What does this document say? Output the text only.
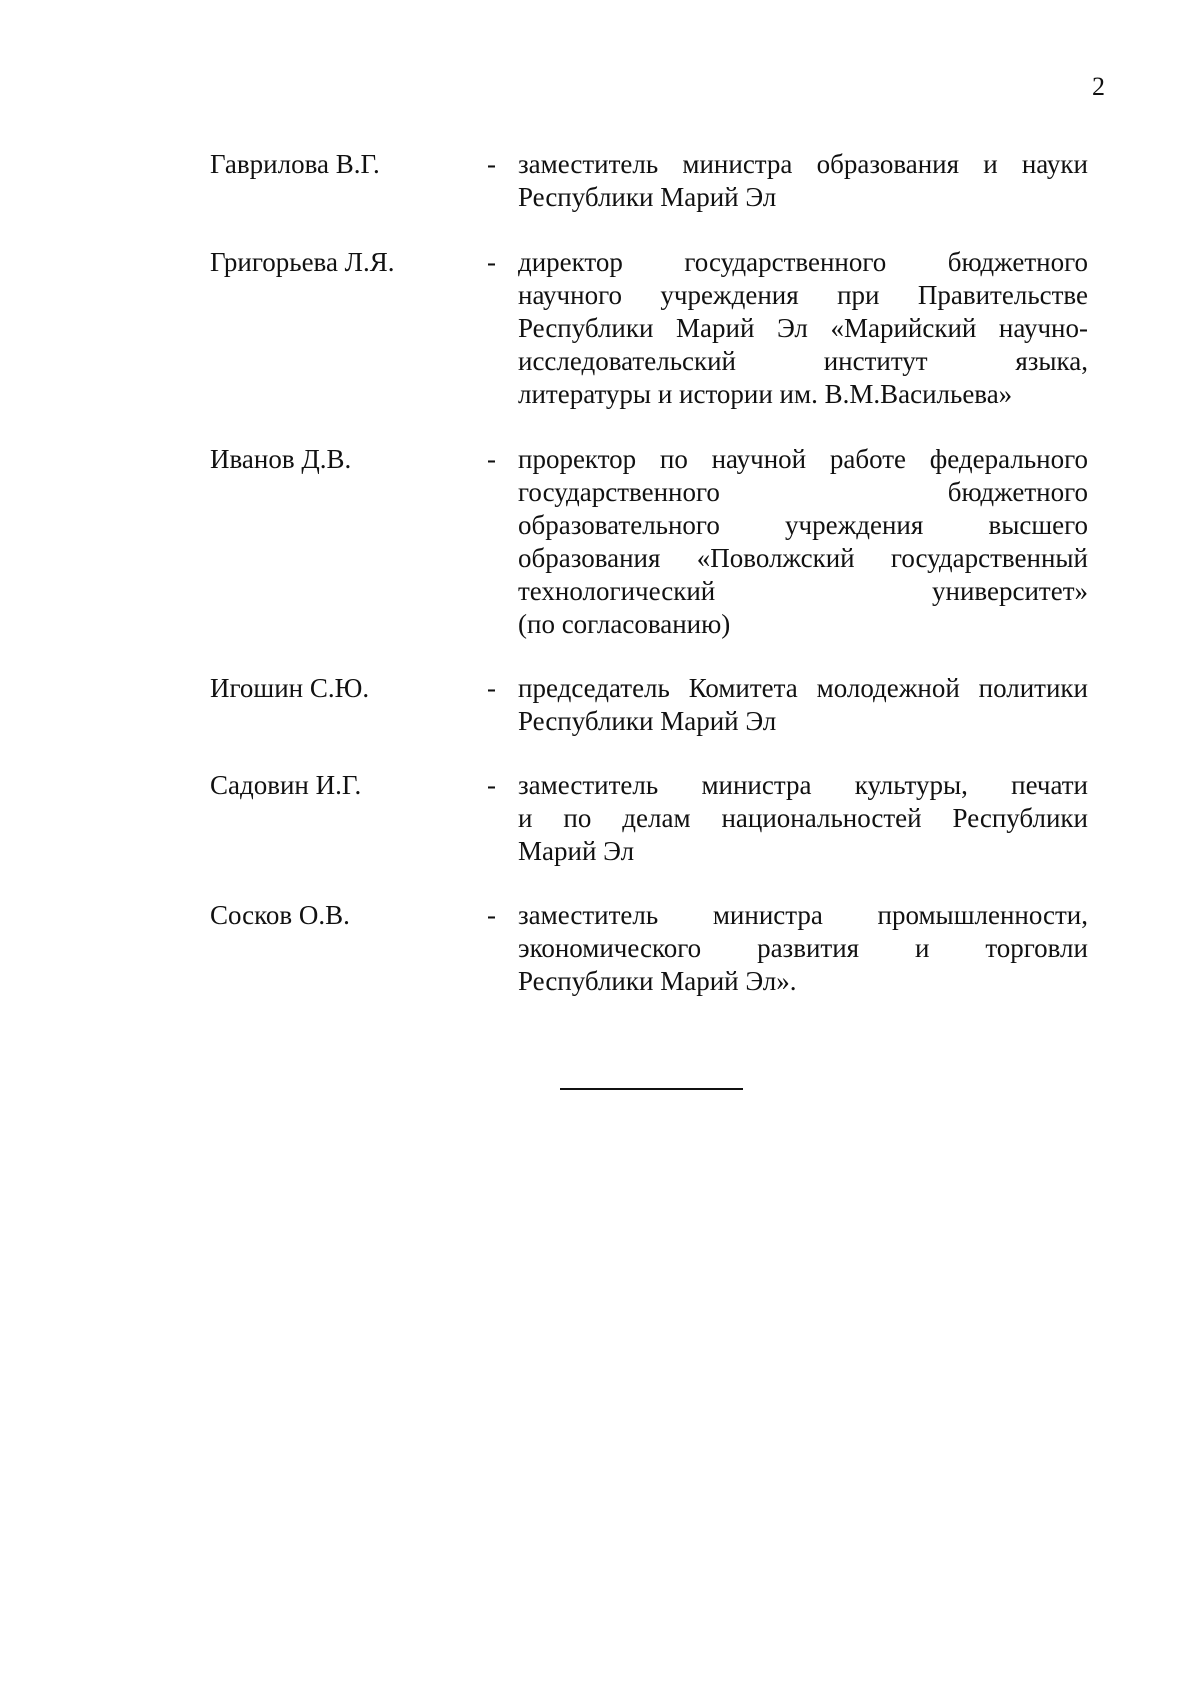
2
Гаврилова В.Г.	- заместитель министра образования и науки
Республики Марий Эл
Григорьева Л.Я.	- директор государственного бюджетного
научного учреждения при Правительстве
Республики Марий Эл «Марийский научно-
исследовательский институт языка,
литературы и истории им. В.М.Васильева»
Иванов Д.В.	- проректор по научной работе федерального
государственного бюджетного
образовательного учреждения высшего
образования «Поволжский государственный
технологический университет»
(по согласованию)
Игошин С.Ю.	- председатель Комитета молодежной политики
Республики Марий Эл
Садовин И.Г.	- заместитель министра культуры, печати
и по делам национальностей Республики
Марий Эл
Сосков О.В.	- заместитель министра промышленности,
экономического развития и торговли
Республики Марий Эл».
